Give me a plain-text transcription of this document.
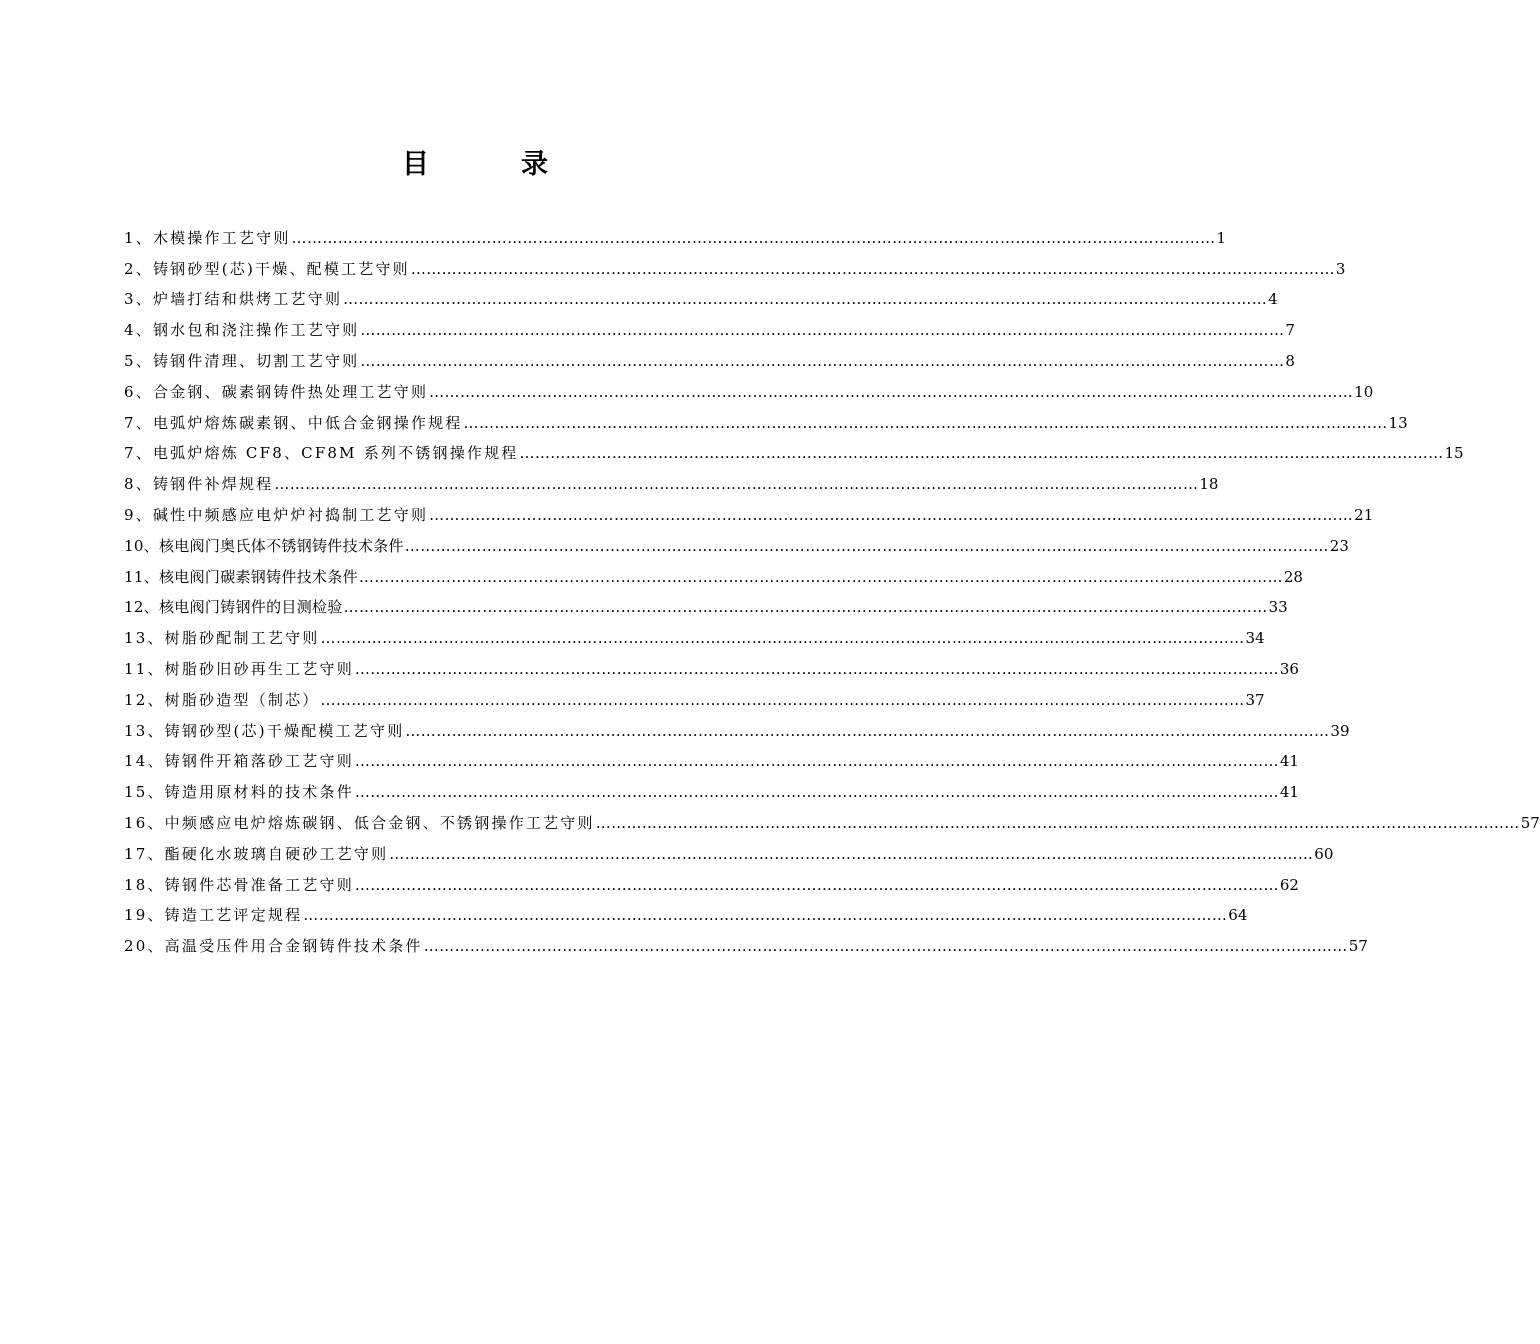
目	录
1、木模操作工艺守则 ……………………………………………………………………………………………………………………………………………………………… 1
2、铸钢砂型(芯)干燥、配模工艺守则 ……………………………………………………………………………………………………………………………………………………………… 3
3、炉墙打结和烘烤工艺守则 ……………………………………………………………………………………………………………………………………………………………… 4
4、钢水包和浇注操作工艺守则 ……………………………………………………………………………………………………………………………………………………………… 7
5、铸钢件清理、切割工艺守则 ……………………………………………………………………………………………………………………………………………………………… 8
6、合金钢、碳素钢铸件热处理工艺守则 ……………………………………………………………………………………………………………………………………………………………… 10
7、电弧炉熔炼碳素钢、中低合金钢操作规程 ……………………………………………………………………………………………………………………………………………………………… 13
7、电弧炉熔炼 CF8、CF8M 系列不锈钢操作规程 ……………………………………………………………………………………………………………………………………………………………… 15
8、铸钢件补焊规程 ……………………………………………………………………………………………………………………………………………………………… 18
9、碱性中频感应电炉炉衬捣制工艺守则 ……………………………………………………………………………………………………………………………………………………………… 21
10、核电阀门奥氏体不锈钢铸件技术条件 ……………………………………………………………………………………………………………………………………………………………… 23
11、核电阀门碳素钢铸件技术条件 ……………………………………………………………………………………………………………………………………………………………… 28
12、核电阀门铸钢件的目测检验 ……………………………………………………………………………………………………………………………………………………………… 33
13、树脂砂配制工艺守则 ……………………………………………………………………………………………………………………………………………………………… 34
11、树脂砂旧砂再生工艺守则 ……………………………………………………………………………………………………………………………………………………………… 36
12、树脂砂造型（制芯） ……………………………………………………………………………………………………………………………………………………………… 37
13、铸钢砂型(芯)干燥配模工艺守则 ……………………………………………………………………………………………………………………………………………………………… 39
14、铸钢件开箱落砂工艺守则 ……………………………………………………………………………………………………………………………………………………………… 41
15、铸造用原材料的技术条件 ……………………………………………………………………………………………………………………………………………………………… 41
16、中频感应电炉熔炼碳钢、低合金钢、不锈钢操作工艺守则 ……………………………………………………………………………………………………………………………………………………………… 57
17、酯硬化水玻璃自硬砂工艺守则 ……………………………………………………………………………………………………………………………………………………………… 60
18、铸钢件芯骨准备工艺守则 ……………………………………………………………………………………………………………………………………………………………… 62
19、铸造工艺评定规程 ……………………………………………………………………………………………………………………………………………………………… 64
20、高温受压件用合金钢铸件技术条件 ……………………………………………………………………………………………………………………………………………………………… 57
